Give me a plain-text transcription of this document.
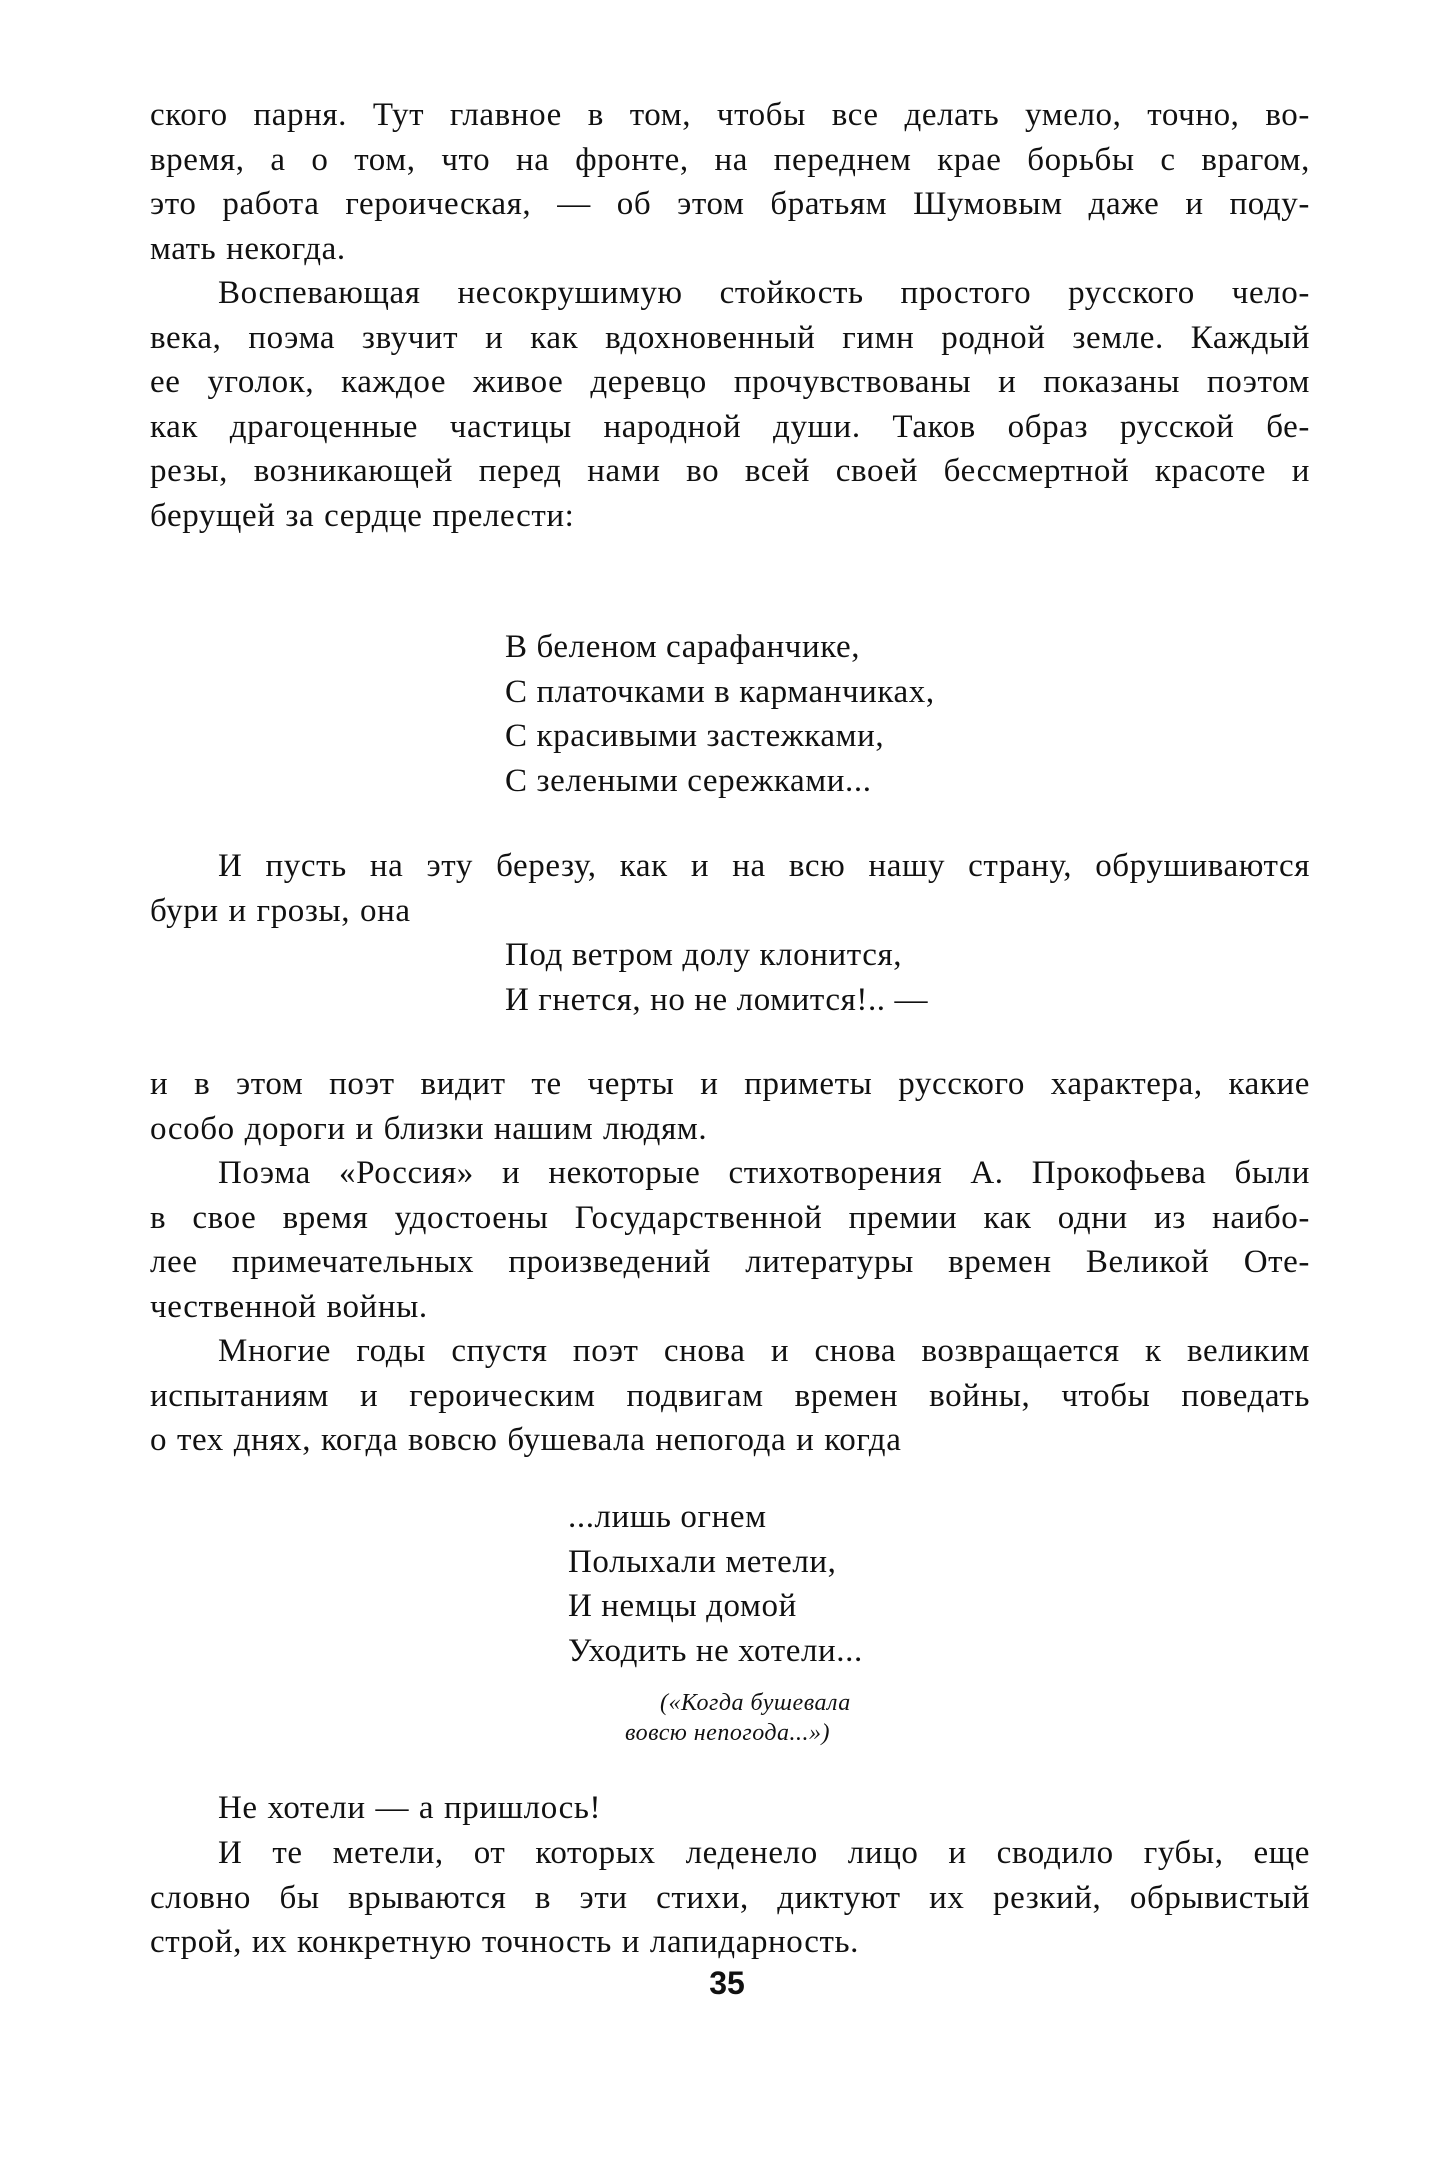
ского парня. Тут главное в том, чтобы все делать умело, точно, во-
время, а о том, что на фронте, на переднем крае борьбы с врагом,
это работа героическая, — об этом братьям Шумовым даже и поду-
мать некогда.

Воспевающая несокрушимую стойкость простого русского чело-
века, поэма звучит и как вдохновенный гимн родной земле. Каждый
ее уголок, каждое живое деревцо прочувствованы и показаны поэтом
как драгоценные частицы народной души. Таков образ русской бе-
резы, возникающей перед нами во всей своей бессмертной красоте и
берущей за сердце прелести:

В беленом сарафанчике,
С платочками в карманчиках,
С красивыми застежками,
С зелеными сережками...

И пусть на эту березу, как и на всю нашу страну, обрушиваются
бури и грозы, она

Под ветром долу клонится,
И гнется, но не ломится!.. —

и в этом поэт видит те черты и приметы русского характера, какие
особо дороги и близки нашим людям.

Поэма «Россия» и некоторые стихотворения А. Прокофьева были
в свое время удостоены Государственной премии как одни из наибо-
лее примечательных произведений литературы времен Великой Оте-
чественной войны.

Многие годы спустя поэт снова и снова возвращается к великим
испытаниям и героическим подвигам времен войны, чтобы поведать
о тех днях, когда вовсю бушевала непогода и когда

...лишь огнем
Полыхали метели,
И немцы домой
Уходить не хотели...
(«Когда бушевала
вовсю непогода...»)

Не хотели — а пришлось!

И те метели, от которых леденело лицо и сводило губы, еще
словно бы врываются в эти стихи, диктуют их резкий, обрывистый
строй, их конкретную точность и лапидарность.

35
